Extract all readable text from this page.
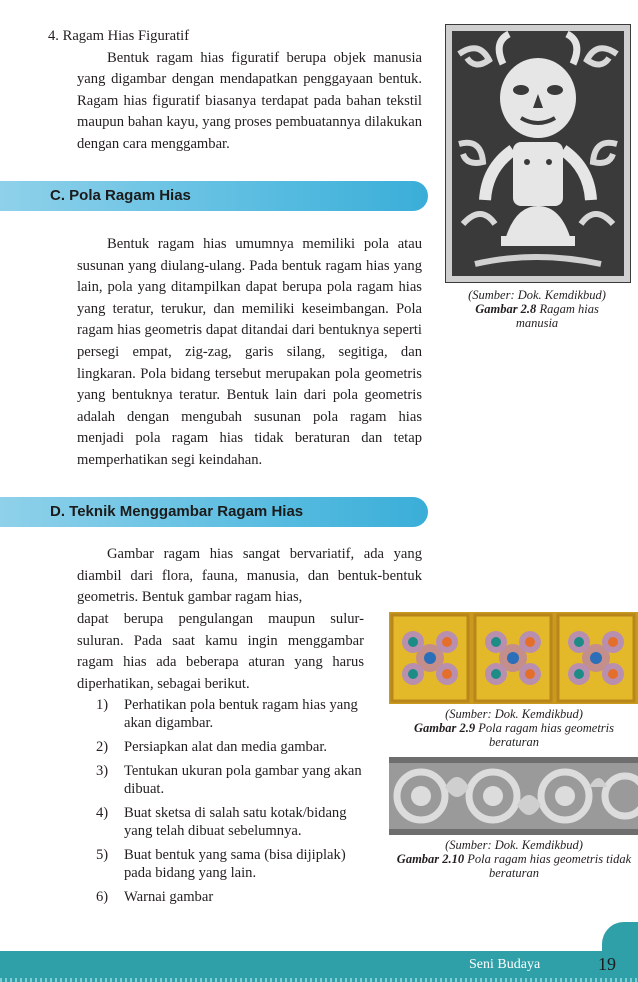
4. Ragam Hias Figuratif

Bentuk ragam hias figuratif berupa objek manusia yang digambar dengan mendapatkan penggayaan bentuk. Ragam hias figuratif biasanya terdapat pada bahan tekstil maupun bahan kayu, yang proses pembuatannya dilakukan dengan cara menggambar.

C. Pola Ragam Hias

Bentuk ragam hias umumnya memiliki pola atau susunan yang diulang-ulang. Pada bentuk ragam hias yang lain, pola yang ditampilkan dapat berupa pola ragam hias yang teratur, terukur, dan memiliki keseimbangan. Pola ragam hias geometris dapat ditandai dari bentuknya seperti persegi empat, zig-zag, garis silang, segitiga, dan lingkaran. Pola bidang tersebut merupakan pola geometris yang bentuknya teratur. Bentuk lain dari pola geometris adalah dengan mengubah susunan pola ragam hias menjadi pola ragam hias tidak beraturan dan tetap memperhatikan segi keindahan.

D. Teknik Menggambar Ragam Hias

Gambar ragam hias sangat bervariatif, ada yang diambil dari flora, fauna, manusia, dan bentuk-bentuk geometris. Bentuk gambar ragam hias,

dapat berupa pengulangan maupun sulur-suluran. Pada saat kamu ingin menggambar ragam hias ada beberapa aturan yang harus diperhatikan, sebagai berikut.

1) Perhatikan pola bentuk ragam hias yang akan digambar.
2) Persiapkan alat dan media gambar.
3) Tentukan ukuran pola gambar yang akan dibuat.
4) Buat sketsa di salah satu kotak/bidang yang telah dibuat sebelumnya.
5) Buat bentuk yang sama (bisa dijiplak) pada bidang yang lain.
6) Warnai gambar
(Sumber: Dok. Kemdikbud)
Gambar 2.8 Ragam hias manusia
(Sumber: Dok. Kemdikbud)
Gambar 2.9 Pola ragam hias geometris beraturan
(Sumber: Dok. Kemdikbud)
Gambar 2.10 Pola ragam hias geometris tidak beraturan
Seni Budaya	19
